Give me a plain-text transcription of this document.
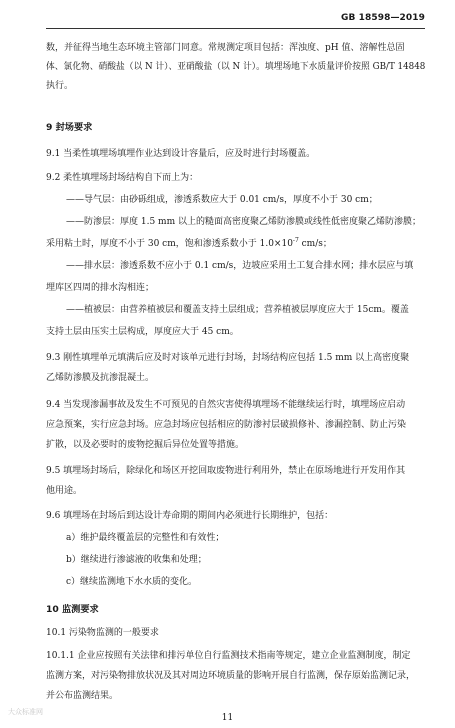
GB 18598—2019
数，并征得当地生态环境主管部门同意。常规测定项目包括：浑浊度、pH 值、溶解性总固
体、氯化物、硝酸盐（以 N 计）、亚硝酸盐（以 N 计）。填埋场地下水质量评价按照 GB/T 14848
执行。
9 封场要求
9.1 当柔性填埋场填埋作业达到设计容量后，应及时进行封场覆盖。
9.2 柔性填埋场封场结构自下而上为：
——导气层：由砂砾组成，渗透系数应大于 0.01 cm/s，厚度不小于 30 cm；
——防渗层：厚度 1.5 mm 以上的糙面高密度聚乙烯防渗膜或线性低密度聚乙烯防渗膜；
采用粘土时，厚度不小于 30 cm，饱和渗透系数小于 $1.0\times 10^{-7}$ cm/s；
——排水层：渗透系数不应小于 0.1 cm/s，边坡应采用土工复合排水网；排水层应与填
埋库区四周的排水沟相连；
——植被层：由营养植被层和覆盖支持土层组成；营养植被层厚度应大于 15cm。覆盖
支持土层由压实土层构成，厚度应大于 45 cm。
9.3 刚性填埋单元填满后应及时对该单元进行封场，封场结构应包括 1.5 mm 以上高密度聚
乙烯防渗膜及抗渗混凝土。
9.4 当发现渗漏事故及发生不可预见的自然灾害使得填埋场不能继续运行时，填埋场应启动
应急预案，实行应急封场。应急封场应包括相应的防渗衬层破损修补、渗漏控制、防止污染
扩散，以及必要时的废物挖掘后异位处置等措施。
9.5 填埋场封场后，除绿化和场区开挖回取废物进行利用外，禁止在原场地进行开发用作其
他用途。
9.6 填埋场在封场后到达设计寿命期的期间内必须进行长期维护，包括：
a）维护最终覆盖层的完整性和有效性；
b）继续进行渗滤液的收集和处理；
c）继续监测地下水水质的变化。
10 监测要求
10.1 污染物监测的一般要求
10.1.1 企业应按照有关法律和排污单位自行监测技术指南等规定，建立企业监测制度，制定
监测方案，对污染物排放状况及其对周边环境质量的影响开展自行监测，保存原始监测记录，
并公布监测结果。
大众标准网
11
